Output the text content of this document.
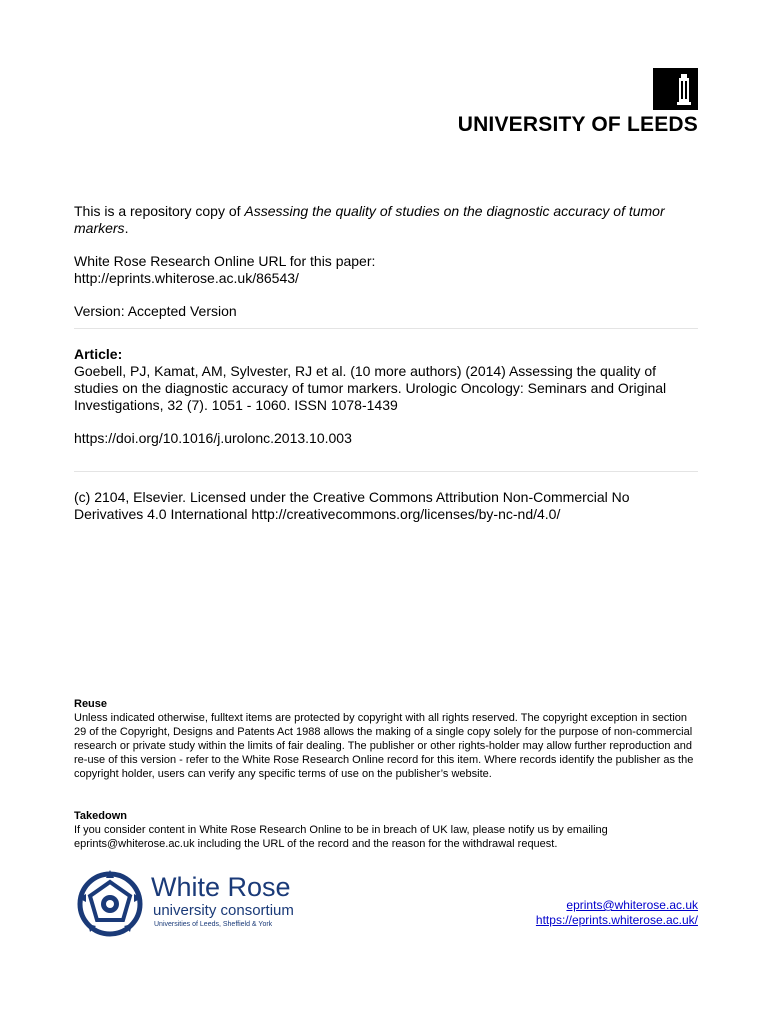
UNIVERSITY OF LEEDS

This is a repository copy of Assessing the quality of studies on the diagnostic accuracy of tumor markers.

White Rose Research Online URL for this paper:

http://eprints.whiterose.ac.uk/86543/

Version: Accepted Version

Article:

Goebell, PJ, Kamat, AM, Sylvester, RJ et al. (10 more authors) (2014) Assessing the quality of studies on the diagnostic accuracy of tumor markers. Urologic Oncology: Seminars and Original Investigations, 32 (7). 1051 - 1060. ISSN 1078-1439

https://doi.org/10.1016/j.urolonc.2013.10.003

(c) 2104, Elsevier. Licensed under the Creative Commons Attribution Non-Commercial No Derivatives 4.0 International http://creativecommons.org/licenses/by-nc-nd/4.0/

Reuse

Unless indicated otherwise, fulltext items are protected by copyright with all rights reserved. The copyright exception in section 29 of the Copyright, Designs and Patents Act 1988 allows the making of a single copy solely for the purpose of non-commercial research or private study within the limits of fair dealing. The publisher or other rights-holder may allow further reproduction and re-use of this version - refer to the White Rose Research Online record for this item. Where records identify the publisher as the copyright holder, users can verify any specific terms of use on the publisher’s website.

Takedown

If you consider content in White Rose Research Online to be in breach of UK law, please notify us by emailing eprints@whiterose.ac.uk including the URL of the record and the reason for the withdrawal request.

White Rose
university consortium
Universities of Leeds, Sheffield & York
eprints@whiterose.ac.uk
https://eprints.whiterose.ac.uk/
